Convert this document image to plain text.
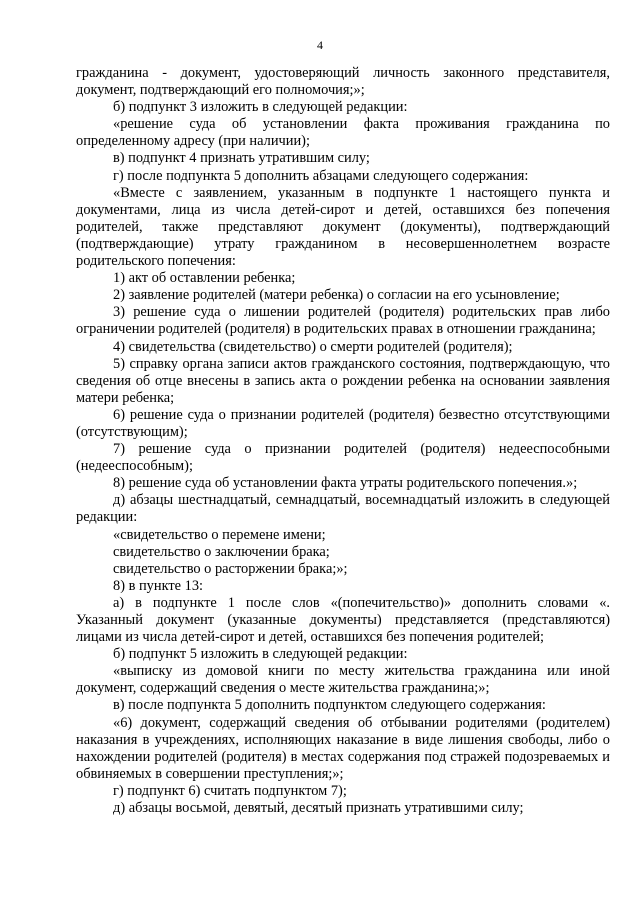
4

гражданина - документ, удостоверяющий личность законного представителя, документ, подтверждающий его полномочия;»;

б) подпункт 3 изложить в следующей редакции:

«решение суда об установлении факта проживания гражданина по определенному адресу (при наличии);

в) подпункт 4 признать утратившим силу;

г) после подпункта 5 дополнить абзацами следующего содержания:

«Вместе с заявлением, указанным в подпункте 1 настоящего пункта и документами, лица из числа детей-сирот и детей, оставшихся без попечения родителей, также представляют документ (документы), подтверждающий (подтверждающие) утрату гражданином в несовершеннолетнем возрасте родительского попечения:

1) акт об оставлении ребенка;

2) заявление родителей (матери ребенка) о согласии на его усыновление;

3) решение суда о лишении родителей (родителя) родительских прав либо ограничении родителей (родителя) в родительских правах в отношении гражданина;

4) свидетельства (свидетельство) о смерти родителей (родителя);

5) справку органа записи актов гражданского состояния, подтверждающую, что сведения об отце внесены в запись акта о рождении ребенка на основании заявления матери ребенка;

6) решение суда о признании родителей (родителя) безвестно отсутствующими (отсутствующим);

7) решение суда о признании родителей (родителя) недееспособными (недееспособным);

8) решение суда об установлении факта утраты родительского попечения.»;

д) абзацы шестнадцатый, семнадцатый, восемнадцатый изложить в следующей редакции:

«свидетельство о перемене имени;

свидетельство о заключении брака;

свидетельство о расторжении брака;»;

8) в пункте 13:

а) в подпункте 1 после слов «(попечительство)» дополнить словами «. Указанный документ (указанные документы) представляется (представляются) лицами из числа детей-сирот и детей, оставшихся без попечения родителей;

б) подпункт 5 изложить в следующей редакции:

«выписку из домовой книги по месту жительства гражданина или иной документ, содержащий сведения о месте жительства гражданина;»;

в) после подпункта 5 дополнить подпунктом следующего содержания:

«6) документ, содержащий сведения об отбывании родителями (родителем) наказания в учреждениях, исполняющих наказание в виде лишения свободы, либо о нахождении родителей (родителя) в местах содержания под стражей подозреваемых и обвиняемых в совершении преступления;»;

г) подпункт 6) считать подпунктом 7);

д) абзацы восьмой, девятый, десятый признать утратившими силу;
